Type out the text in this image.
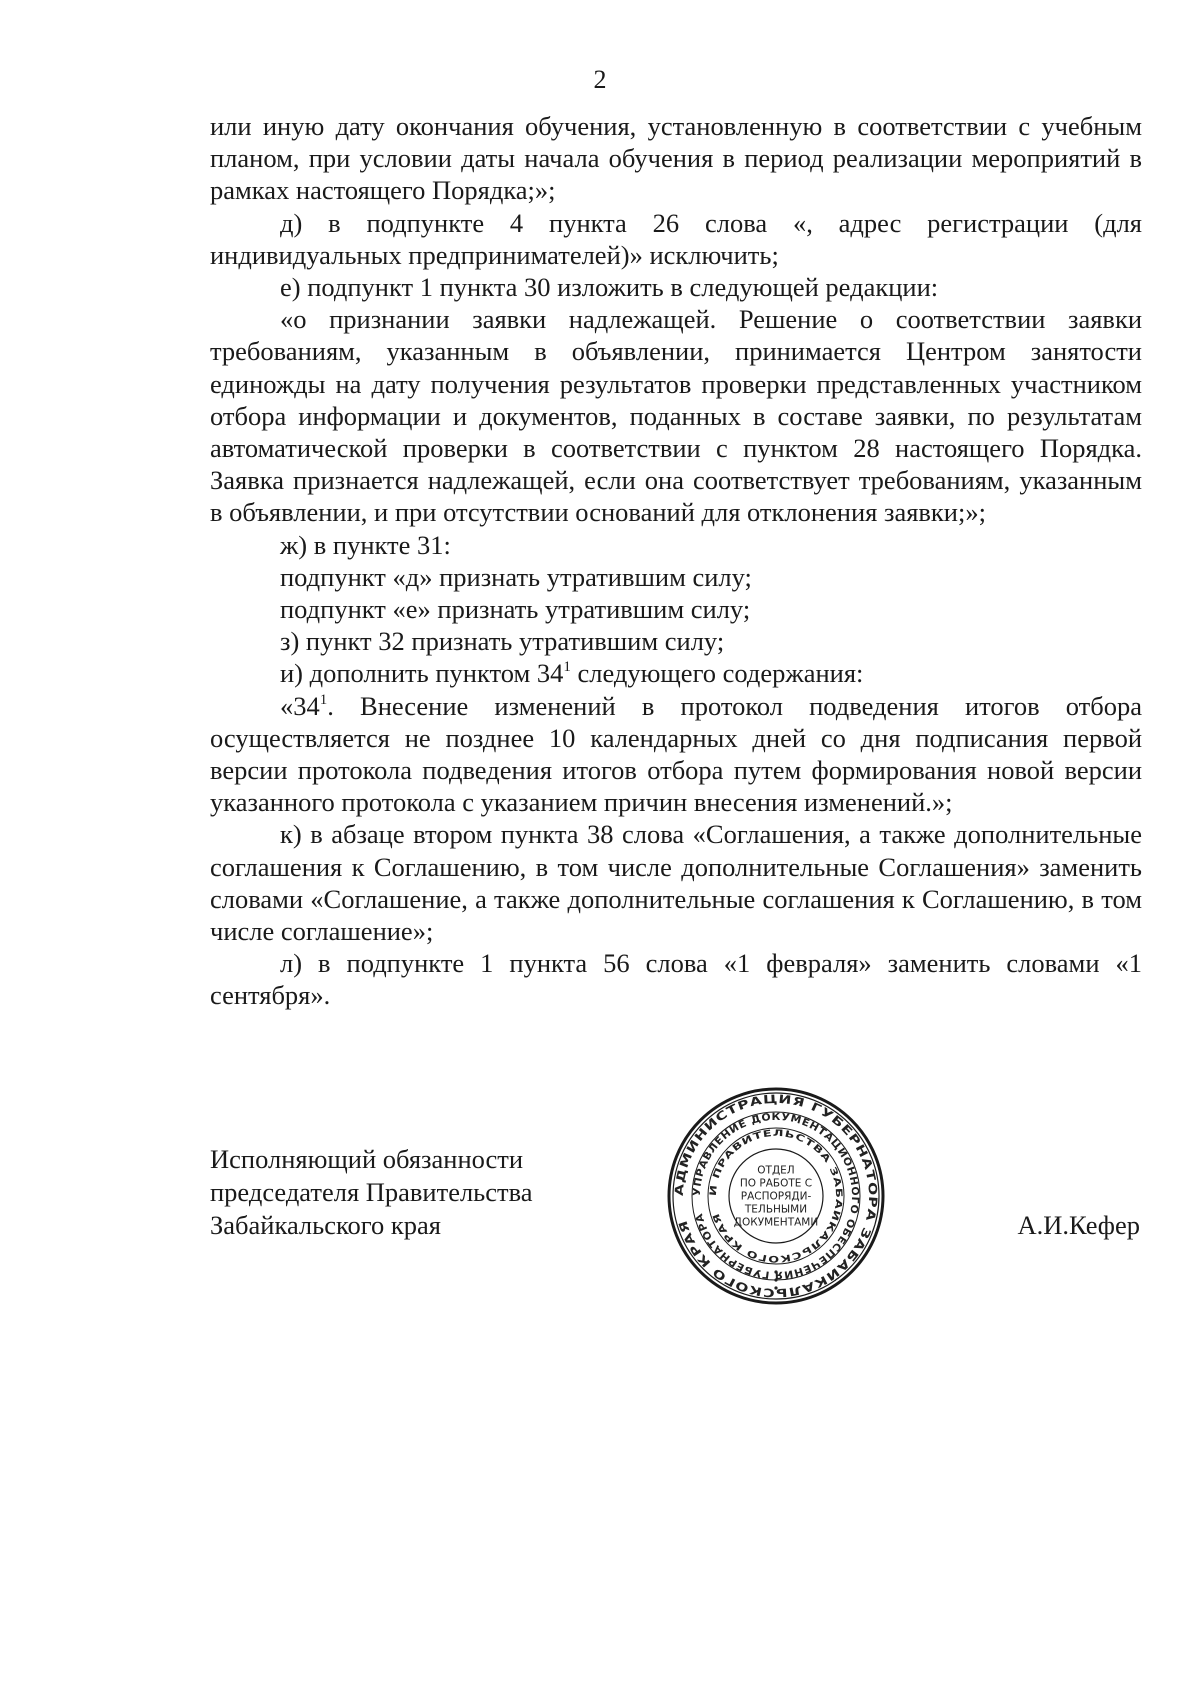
2

или иную дату окончания обучения, установленную в соответствии с учебным планом, при условии даты начала обучения в период реализации мероприятий в рамках настоящего Порядка;»;

д) в подпункте 4 пункта 26 слова «, адрес регистрации (для индивидуальных предпринимателей)» исключить;

е) подпункт 1 пункта 30 изложить в следующей редакции:

«о признании заявки надлежащей. Решение о соответствии заявки требованиям, указанным в объявлении, принимается Центром занятости единожды на дату получения результатов проверки представленных участником отбора информации и документов, поданных в составе заявки, по результатам автоматической проверки в соответствии с пунктом 28 настоящего Порядка. Заявка признается надлежащей, если она соответствует требованиям, указанным в объявлении, и при отсутствии оснований для отклонения заявки;»;

ж) в пункте 31:

подпункт «д» признать утратившим силу;

подпункт «е» признать утратившим силу;

з) пункт 32 признать утратившим силу;

и) дополнить пунктом $34^1$ следующего содержания:

«$34^1$. Внесение изменений в протокол подведения итогов отбора осуществляется не позднее 10 календарных дней со дня подписания первой версии протокола подведения итогов отбора путем формирования новой версии указанного протокола с указанием причин внесения изменений.»;

к) в абзаце втором пункта 38 слова «Соглашения, а также дополнительные соглашения к Соглашению, в том числе дополнительные Соглашения» заменить словами «Соглашение, а также дополнительные соглашения к Соглашению, в том числе соглашение»;

л) в подпункте 1 пункта 56 слова «1 февраля» заменить словами «1 сентября».

Исполняющий обязанности
председателя Правительства
Забайкальского края	А.И.Кефер
АДМИНИСТРАЦИЯ ГУБЕРНАТОРА ЗАБАЙКАЛЬСКОГО КРАЯ
УПРАВЛЕНИЕ ДОКУМЕНТАЦИОННОГО ОБЕСПЕЧЕНИЯ ГУБЕРНАТОРА
И ПРАВИТЕЛЬСТВА ЗАБАЙКАЛЬСКОГО КРАЯ
ОТДЕЛ
ПО РАБОТЕ С
РАСПОРЯДИ-
ТЕЛЬНЫМИ
ДОКУМЕНТАМИ
